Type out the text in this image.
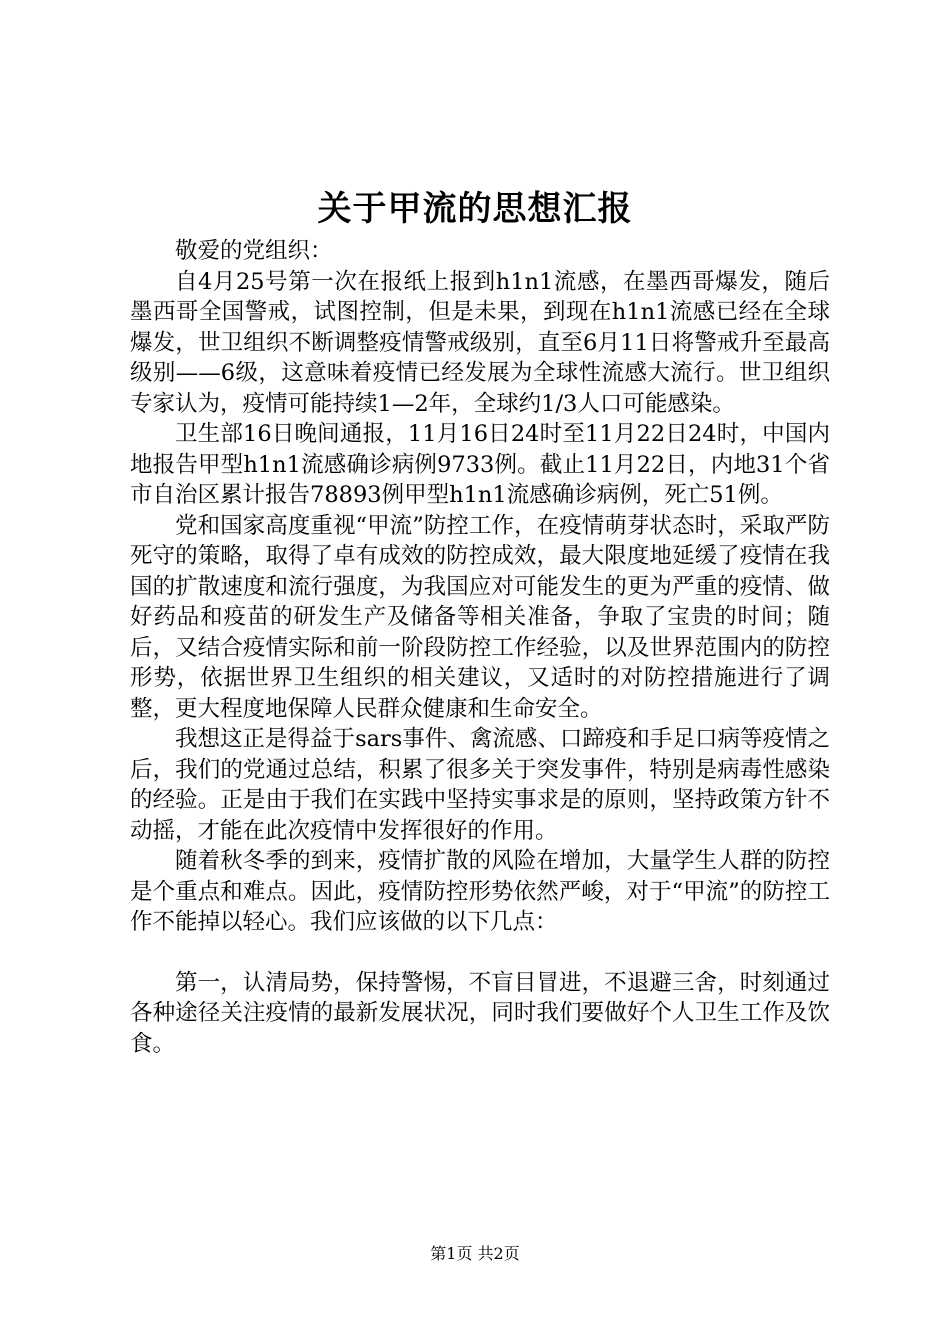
关于甲流的思想汇报

敬爱的党组织：

自4月25号第一次在报纸上报到h1n1流感，在墨西哥爆发，随后墨西哥全国警戒，试图控制，但是未果，到现在h1n1流感已经在全球爆发，世卫组织不断调整疫情警戒级别，直至6月11日将警戒升至最高级别——6级，这意味着疫情已经发展为全球性流感大流行。世卫组织专家认为，疫情可能持续1—2年，全球约1/3人口可能感染。

卫生部16日晚间通报，11月16日24时至11月22日24时，中国内地报告甲型h1n1流感确诊病例9733例。截止11月22日，内地31个省市自治区累计报告78893例甲型h1n1流感确诊病例，死亡51例。

党和国家高度重视“甲流”防控工作，在疫情萌芽状态时，采取严防死守的策略，取得了卓有成效的防控成效，最大限度地延缓了疫情在我国的扩散速度和流行强度，为我国应对可能发生的更为严重的疫情、做好药品和疫苗的研发生产及储备等相关准备，争取了宝贵的时间；随后，又结合疫情实际和前一阶段防控工作经验，以及世界范围内的防控形势，依据世界卫生组织的相关建议，又适时的对防控措施进行了调整，更大程度地保障人民群众健康和生命安全。

我想这正是得益于sars事件、禽流感、口蹄疫和手足口病等疫情之后，我们的党通过总结，积累了很多关于突发事件，特别是病毒性感染的经验。正是由于我们在实践中坚持实事求是的原则，坚持政策方针不动摇，才能在此次疫情中发挥很好的作用。

随着秋冬季的到来，疫情扩散的风险在增加，大量学生人群的防控是个重点和难点。因此，疫情防控形势依然严峻，对于“甲流”的防控工作不能掉以轻心。我们应该做的以下几点：

第一，认清局势，保持警惕，不盲目冒进，不退避三舍，时刻通过各种途径关注疫情的最新发展状况，同时我们要做好个人卫生工作及饮食。

第1页 共2页
